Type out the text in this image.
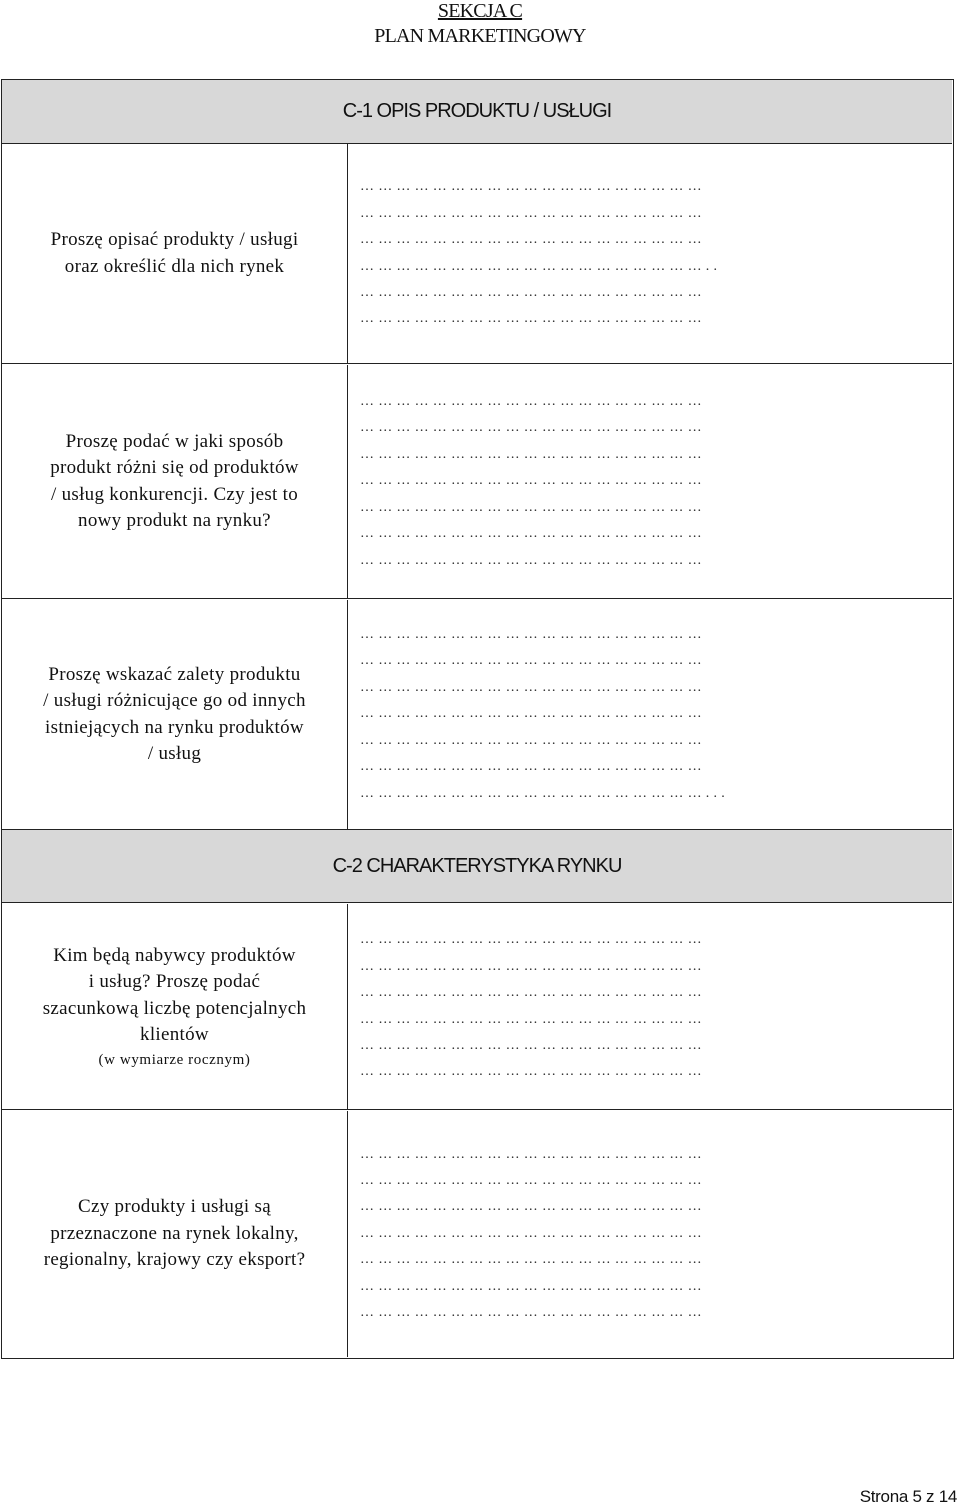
SEKCJA C
PLAN MARKETINGOWY
C-1 OPIS PRODUKTU / USŁUGI
Proszę opisać produkty / usługi
oraz określić dla nich rynek
…………………………………………………
…………………………………………………
…………………………………………………
…………………………………………………..
…………………………………………………
…………………………………………………
Proszę podać w jaki sposób
produkt różni się od produktów
/ usług konkurencji. Czy jest to
nowy produkt na rynku?
…………………………………………………
…………………………………………………
…………………………………………………
…………………………………………………
…………………………………………………
…………………………………………………
…………………………………………………
Proszę wskazać zalety produktu
/ usługi różnicujące go od innych
istniejących na rynku produktów
/ usług
…………………………………………………
…………………………………………………
…………………………………………………
…………………………………………………
…………………………………………………
…………………………………………………
…………………………………………………...
C-2 CHARAKTERYSTYKA RYNKU
Kim będą nabywcy produktów
i usług? Proszę podać
szacunkową liczbę potencjalnych
klientów
(w wymiarze rocznym)
…………………………………………………
…………………………………………………
…………………………………………………
…………………………………………………
…………………………………………………
…………………………………………………
Czy produkty i usługi są
przeznaczone na rynek lokalny,
regionalny, krajowy czy eksport?
…………………………………………………
…………………………………………………
…………………………………………………
…………………………………………………
…………………………………………………
…………………………………………………
…………………………………………………
Strona 5 z 14
